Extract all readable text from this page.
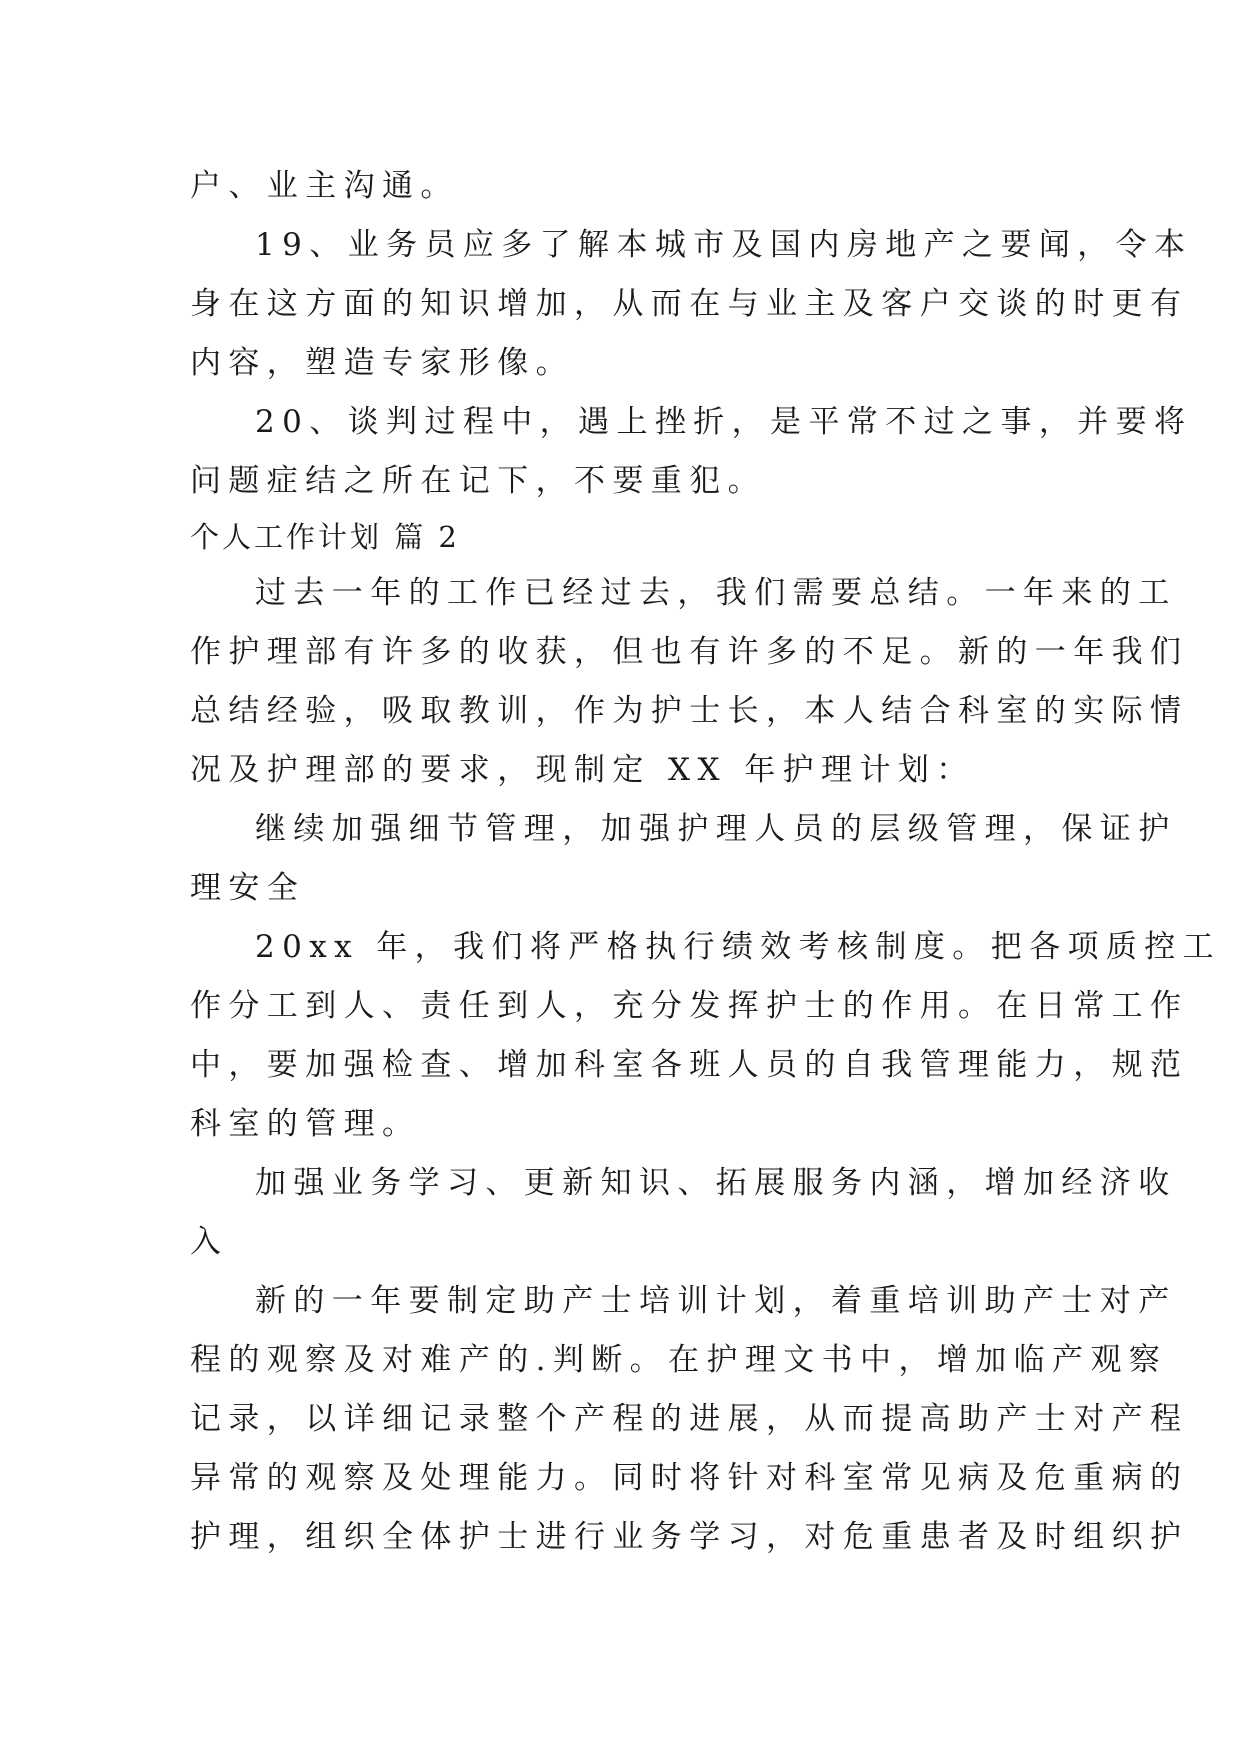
户、业主沟通。
19、业务员应多了解本城市及国内房地产之要闻，令本
身在这方面的知识增加，从而在与业主及客户交谈的时更有
内容，塑造专家形像。
20、谈判过程中，遇上挫折，是平常不过之事，并要将
问题症结之所在记下，不要重犯。
个人工作计划 篇 2
过去一年的工作已经过去，我们需要总结。一年来的工
作护理部有许多的收获，但也有许多的不足。新的一年我们
总结经验，吸取教训，作为护士长，本人结合科室的实际情
况及护理部的要求，现制定 XX 年护理计划：
继续加强细节管理，加强护理人员的层级管理，保证护
理安全
20xx 年，我们将严格执行绩效考核制度。把各项质控工
作分工到人、责任到人，充分发挥护士的作用。在日常工作
中，要加强检查、增加科室各班人员的自我管理能力，规范
科室的管理。
加强业务学习、更新知识、拓展服务内涵，增加经济收
入
新的一年要制定助产士培训计划，着重培训助产士对产
程的观察及对难产的.判断。在护理文书中，增加临产观察
记录，以详细记录整个产程的进展，从而提高助产士对产程
异常的观察及处理能力。同时将针对科室常见病及危重病的
护理，组织全体护士进行业务学习，对危重患者及时组织护
